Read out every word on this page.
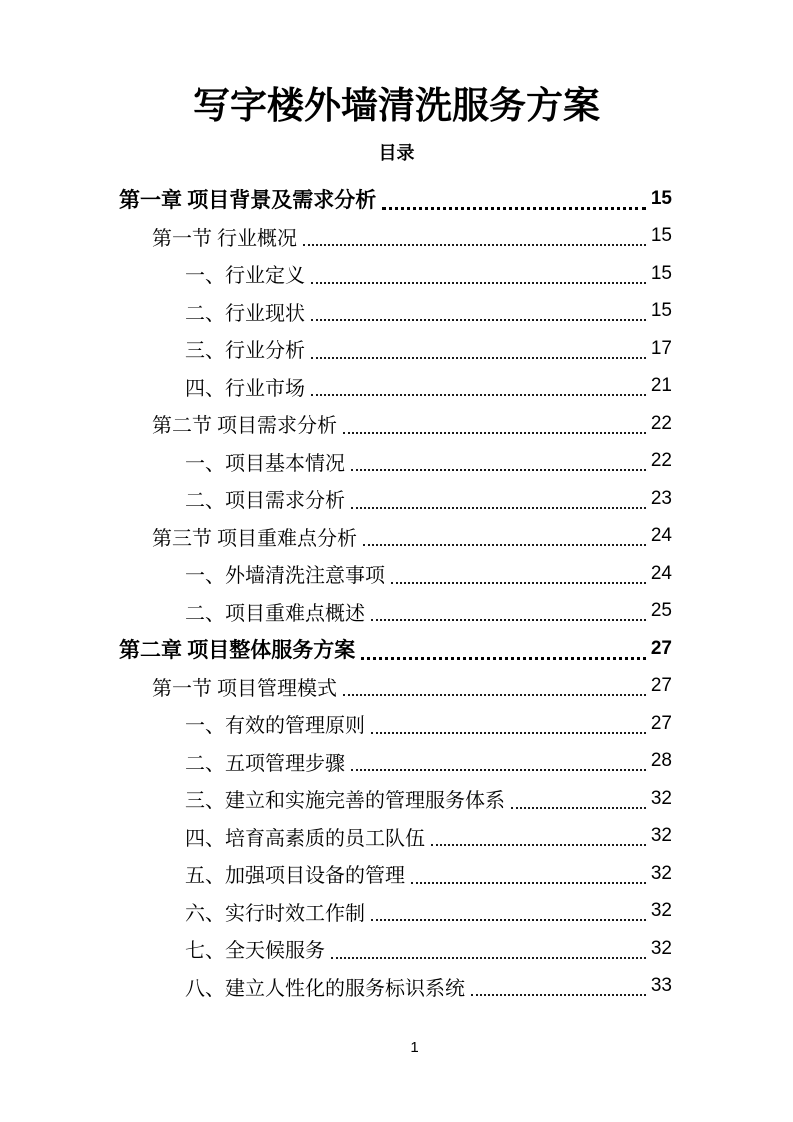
写字楼外墙清洗服务方案
目录
第一章 项目背景及需求分析	15
第一节 行业概况	15
一、行业定义	15
二、行业现状	15
三、行业分析	17
四、行业市场	21
第二节 项目需求分析	22
一、项目基本情况	22
二、项目需求分析	23
第三节 项目重难点分析	24
一、外墙清洗注意事项	24
二、项目重难点概述	25
第二章 项目整体服务方案	27
第一节 项目管理模式	27
一、有效的管理原则	27
二、五项管理步骤	28
三、建立和实施完善的管理服务体系	32
四、培育高素质的员工队伍	32
五、加强项目设备的管理	32
六、实行时效工作制	32
七、全天候服务	32
八、建立人性化的服务标识系统	33
1
